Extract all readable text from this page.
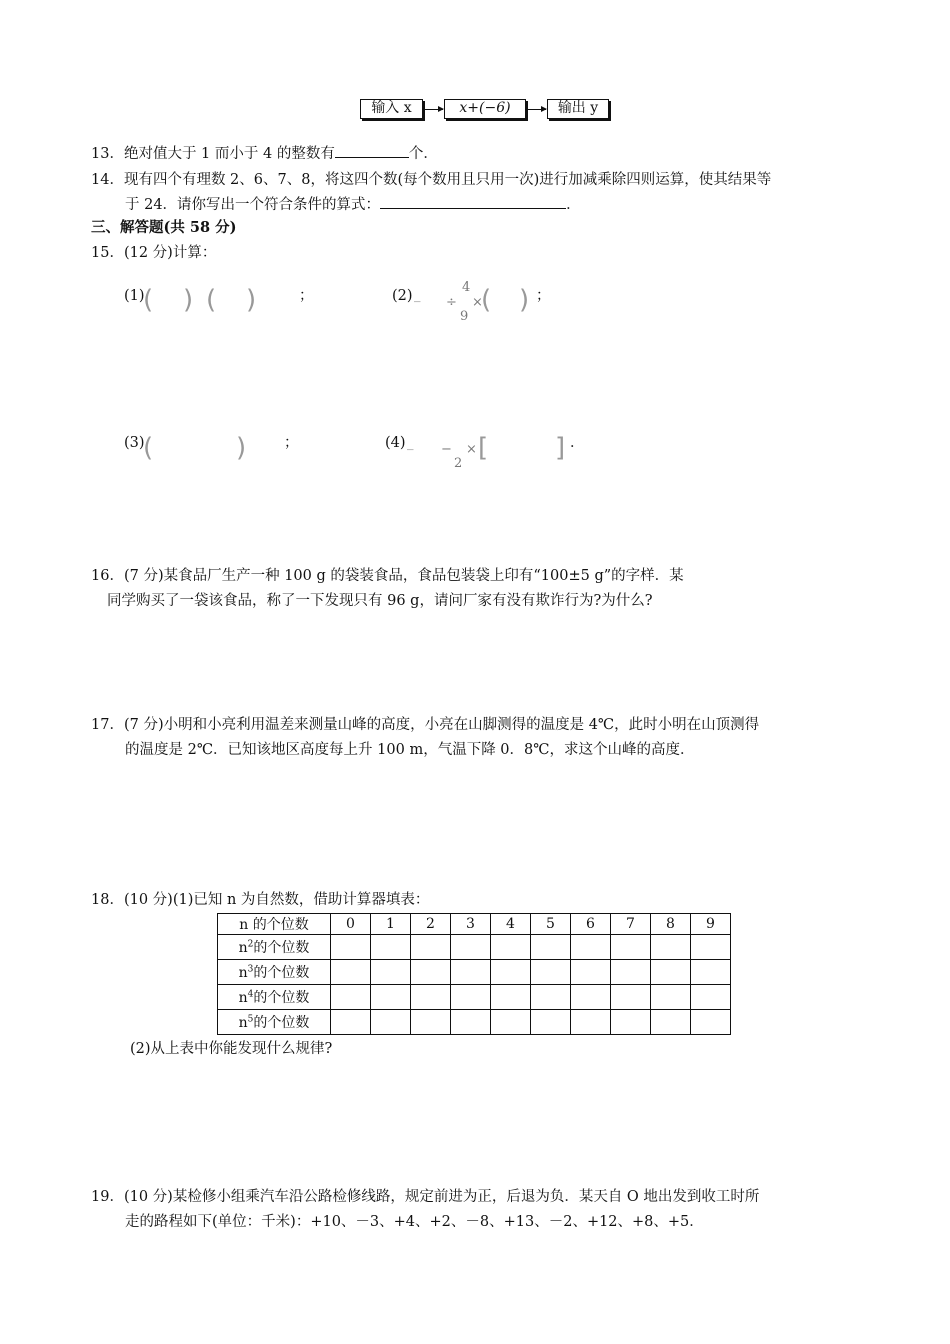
输入 x	x+(−6)	输出 y
13．绝对值大于 1 而小于 4 的整数有	个．
14．现有四个有理数 2、6、7、8，将这四个数(每个数用且只用一次)进行加减乘除四则运算，使其结果等
于 24．请你写出一个符合条件的算式：	．
三、解答题(共 58 分)
15．(12 分)计算：
(1)
( ) ( )	；	(2) _
4
÷
9
×
( ) ；
(3)
(	)	；	(4) _ −
2
× [	] ．
16．(7 分)某食品厂生产一种 100 g 的袋装食品，食品包装袋上印有“100±5 g”的字样．某
同学购买了一袋该食品，称了一下发现只有 96 g，请问厂家有没有欺诈行为?为什么?
17．(7 分)小明和小亮利用温差来测量山峰的高度，小亮在山脚测得的温度是 4℃，此时小明在山顶测得
的温度是 2℃．已知该地区高度每上升 100 m，气温下降 0．8℃，求这个山峰的高度．
18．(10 分)(1)已知 n 为自然数，借助计算器填表：
n 的个位数	0	1	2	3	4	5	6	7	8	9
$n^2$的个位数										
$n^3$的个位数										
$n^4$的个位数										
$n^5$的个位数										
(2)从上表中你能发现什么规律?
19．(10 分)某检修小组乘汽车沿公路检修线路，规定前进为正，后退为负．某天自 O 地出发到收工时所
走的路程如下(单位：千米)：+10、－3、+4、+2、－8、+13、－2、+12、+8、+5．
